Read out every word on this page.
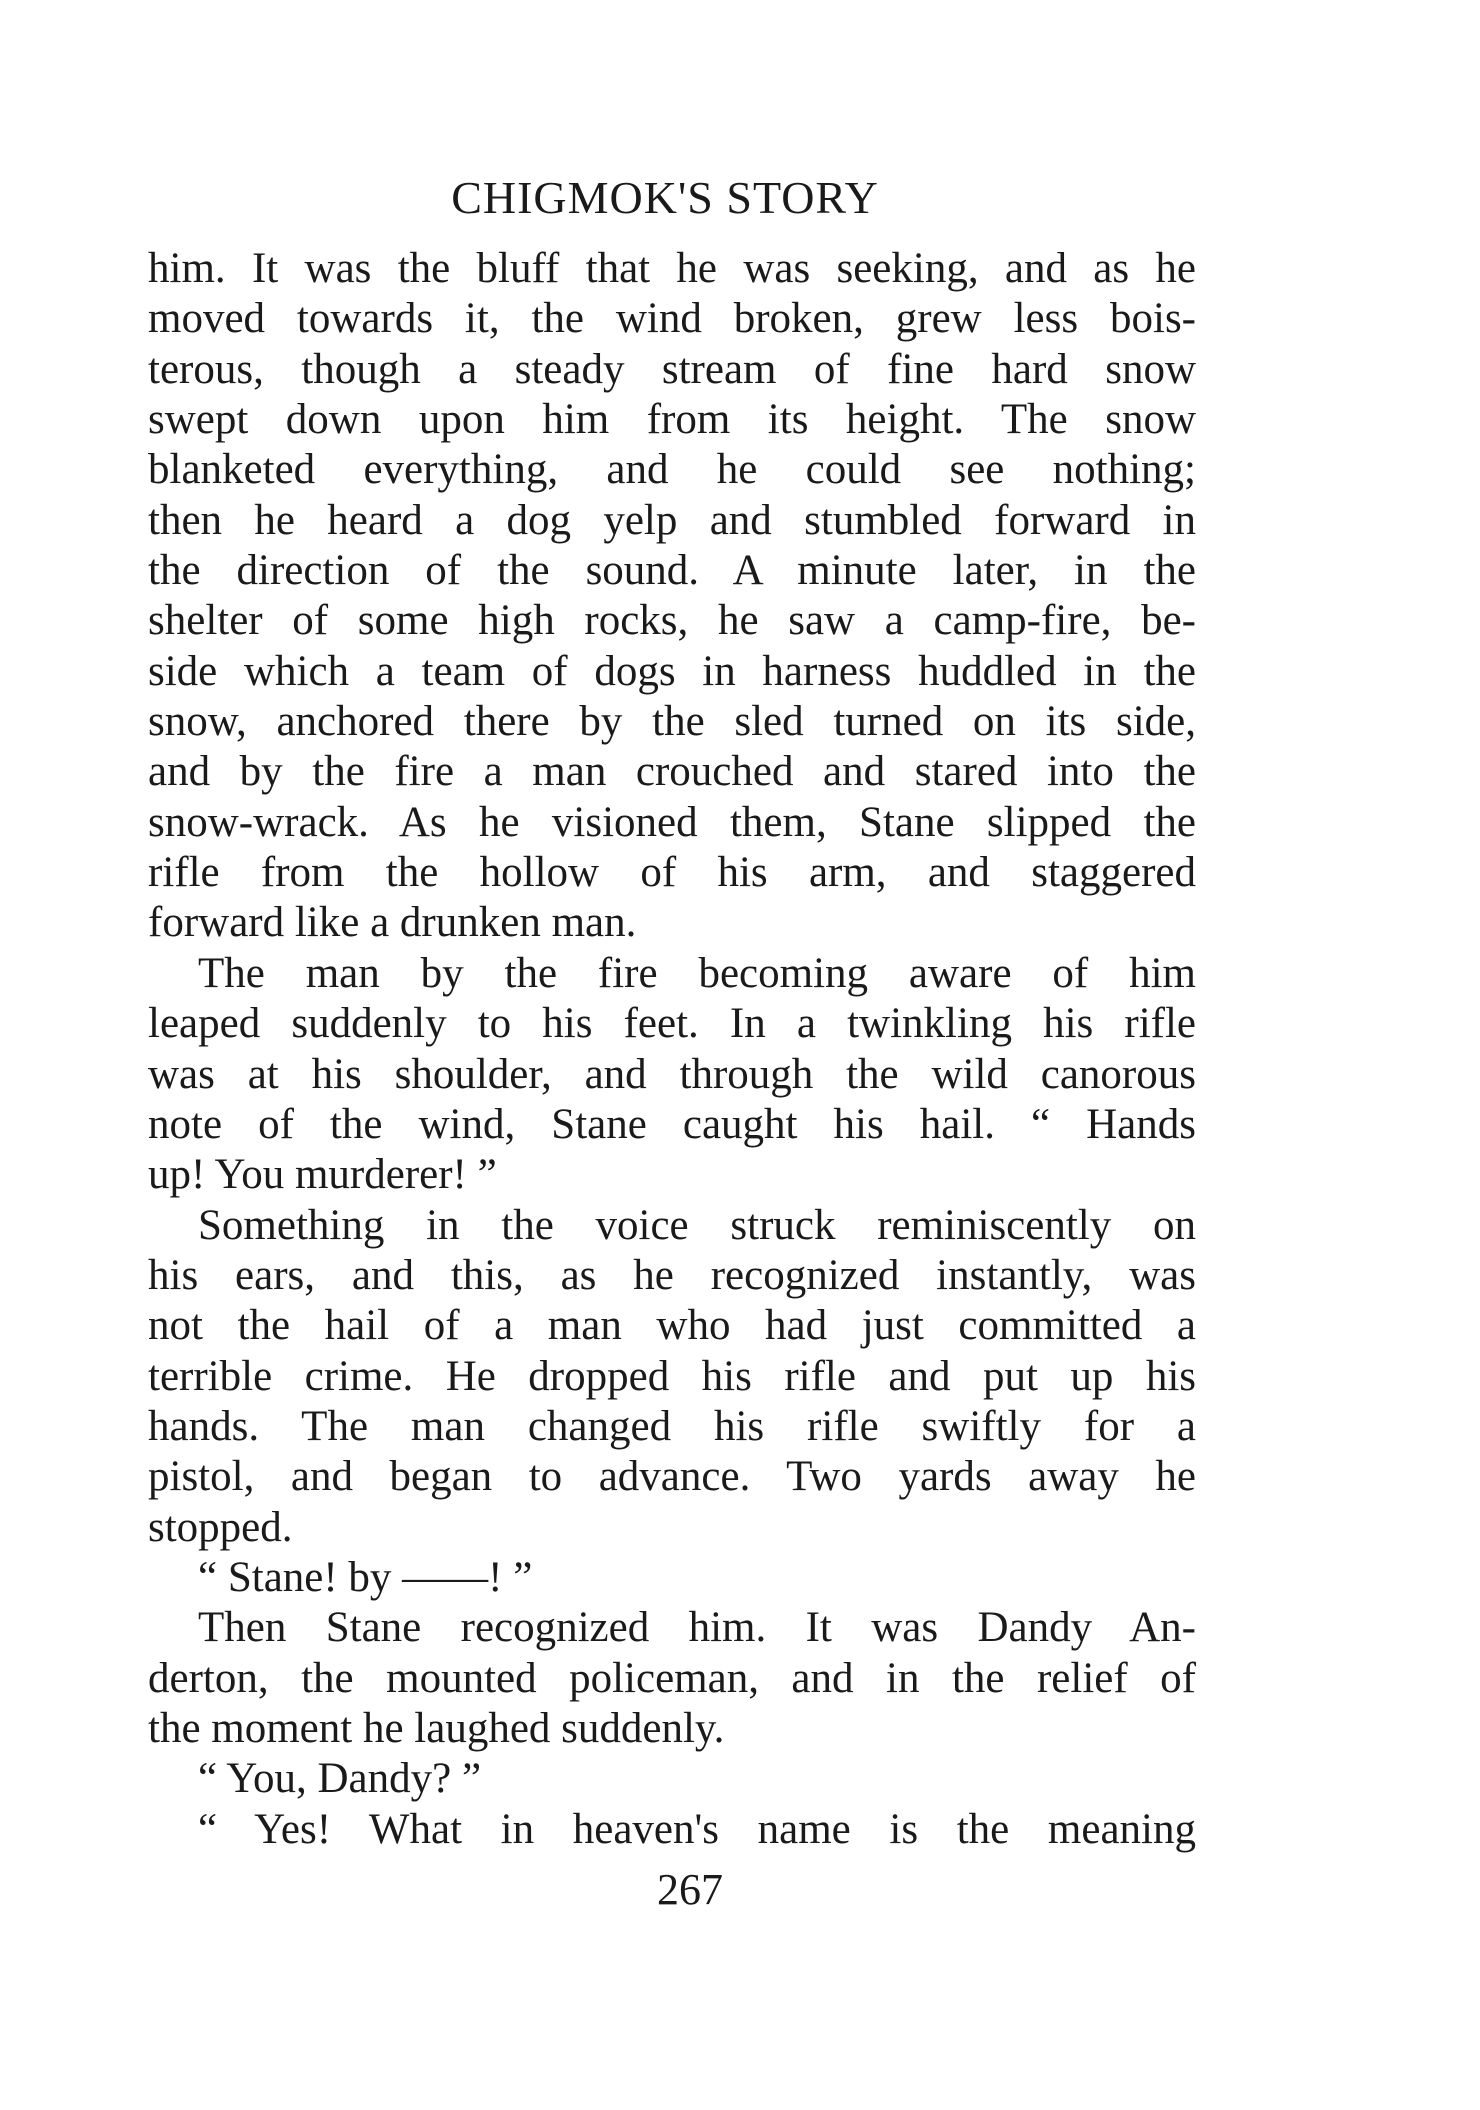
CHIGMOK'S STORY
him. It was the bluff that he was seeking, and as he
moved towards it, the wind broken, grew less bois-
terous, though a steady stream of fine hard snow
swept down upon him from its height. The snow
blanketed everything, and he could see nothing;
then he heard a dog yelp and stumbled forward in
the direction of the sound. A minute later, in the
shelter of some high rocks, he saw a camp-fire, be-
side which a team of dogs in harness huddled in the
snow, anchored there by the sled turned on its side,
and by the fire a man crouched and stared into the
snow-wrack. As he visioned them, Stane slipped the
rifle from the hollow of his arm, and staggered
forward like a drunken man.
The man by the fire becoming aware of him
leaped suddenly to his feet. In a twinkling his rifle
was at his shoulder, and through the wild canorous
note of the wind, Stane caught his hail. “ Hands
up! You murderer! ”
Something in the voice struck reminiscently on
his ears, and this, as he recognized instantly, was
not the hail of a man who had just committed a
terrible crime. He dropped his rifle and put up his
hands. The man changed his rifle swiftly for a
pistol, and began to advance. Two yards away he
stopped.
“ Stane! by ——! ”
Then Stane recognized him. It was Dandy An-
derton, the mounted policeman, and in the relief of
the moment he laughed suddenly.
“ You, Dandy? ”
“ Yes! What in heaven's name is the meaning
267
